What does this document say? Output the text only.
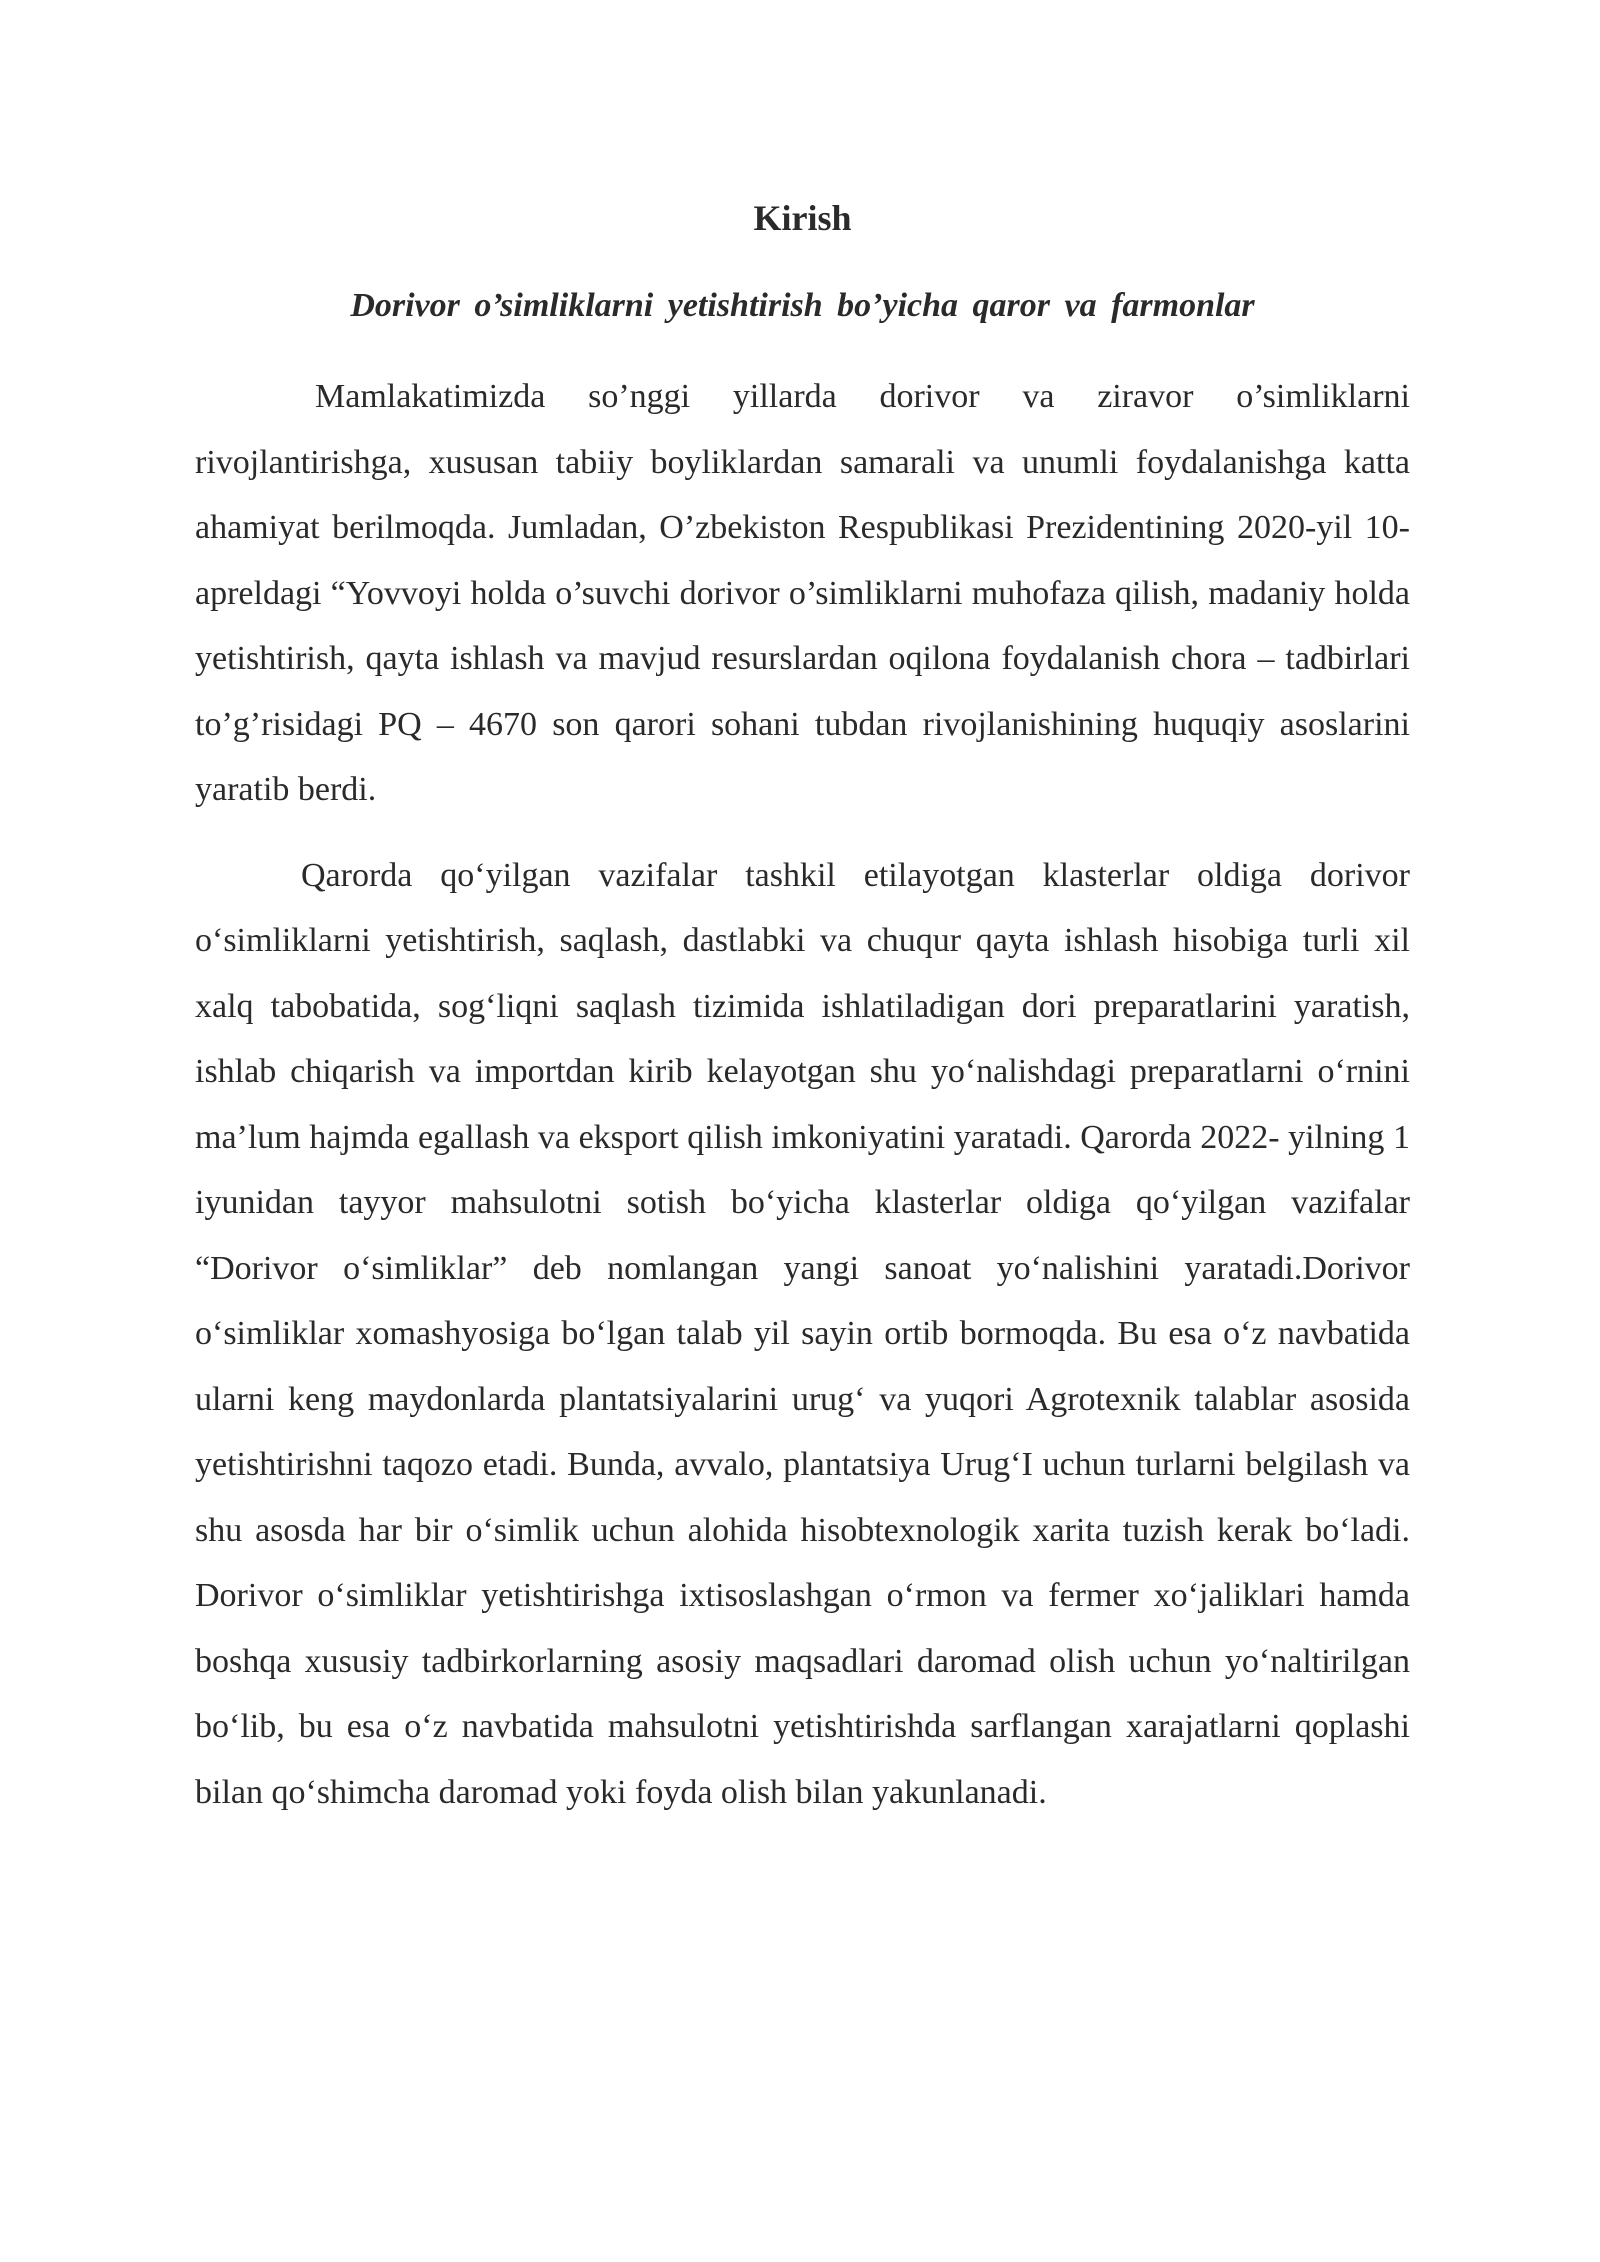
Kirish
Dorivor o’simliklarni yetishtirish bo’yicha qaror va farmonlar

Mamlakatimizda so’nggi yillarda dorivor va ziravor o’simliklarni rivojlantirishga, xususan tabiiy boyliklardan samarali va unumli foydalanishga katta ahamiyat berilmoqda. Jumladan, O’zbekiston Respublikasi Prezidentining 2020-yil 10-apreldagi “Yovvoyi holda o’suvchi dorivor o’simliklarni muhofaza qilish, madaniy holda yetishtirish, qayta ishlash va mavjud resurslardan oqilona foydalanish chora – tadbirlari to’g’risidagi PQ – 4670 son qarori sohani tubdan rivojlanishining huquqiy asoslarini yaratib berdi.

Qarorda qo‘yilgan vazifalar tashkil etilayotgan klasterlar oldiga dorivor o‘simliklarni yetishtirish, saqlash, dastlabki va chuqur qayta ishlash hisobiga turli xil xalq tabobatida, sog‘liqni saqlash tizimida ishlatiladigan dori preparatlarini yaratish, ishlab chiqarish va importdan kirib kelayotgan shu yo‘nalishdagi preparatlarni o‘rnini ma’lum hajmda egallash va eksport qilish imkoniyatini yaratadi. Qarorda 2022- yilning 1 iyunidan tayyor mahsulotni sotish bo‘yicha klasterlar oldiga qo‘yilgan vazifalar “Dorivor o‘simliklar” deb nomlangan yangi sanoat yo‘nalishini yaratadi.Dorivor o‘simliklar xomashyosiga bo‘lgan talab yil sayin ortib bormoqda. Bu esa o‘z navbatida ularni keng maydonlarda plantatsiyalarini urug‘ va yuqori Agrotexnik talablar asosida yetishtirishni taqozo etadi. Bunda, avvalo, plantatsiya Urug‘I uchun turlarni belgilash va shu asosda har bir o‘simlik uchun alohida hisobtexnologik xarita tuzish kerak bo‘ladi. Dorivor o‘simliklar yetishtirishga ixtisoslashgan o‘rmon va fermer xo‘jaliklari hamda boshqa xususiy tadbirkorlarning asosiy maqsadlari daromad olish uchun yo‘naltirilgan bo‘lib, bu esa o‘z navbatida mahsulotni yetishtirishda sarflangan xarajatlarni qoplashi bilan qo‘shimcha daromad yoki foyda olish bilan yakunlanadi.
